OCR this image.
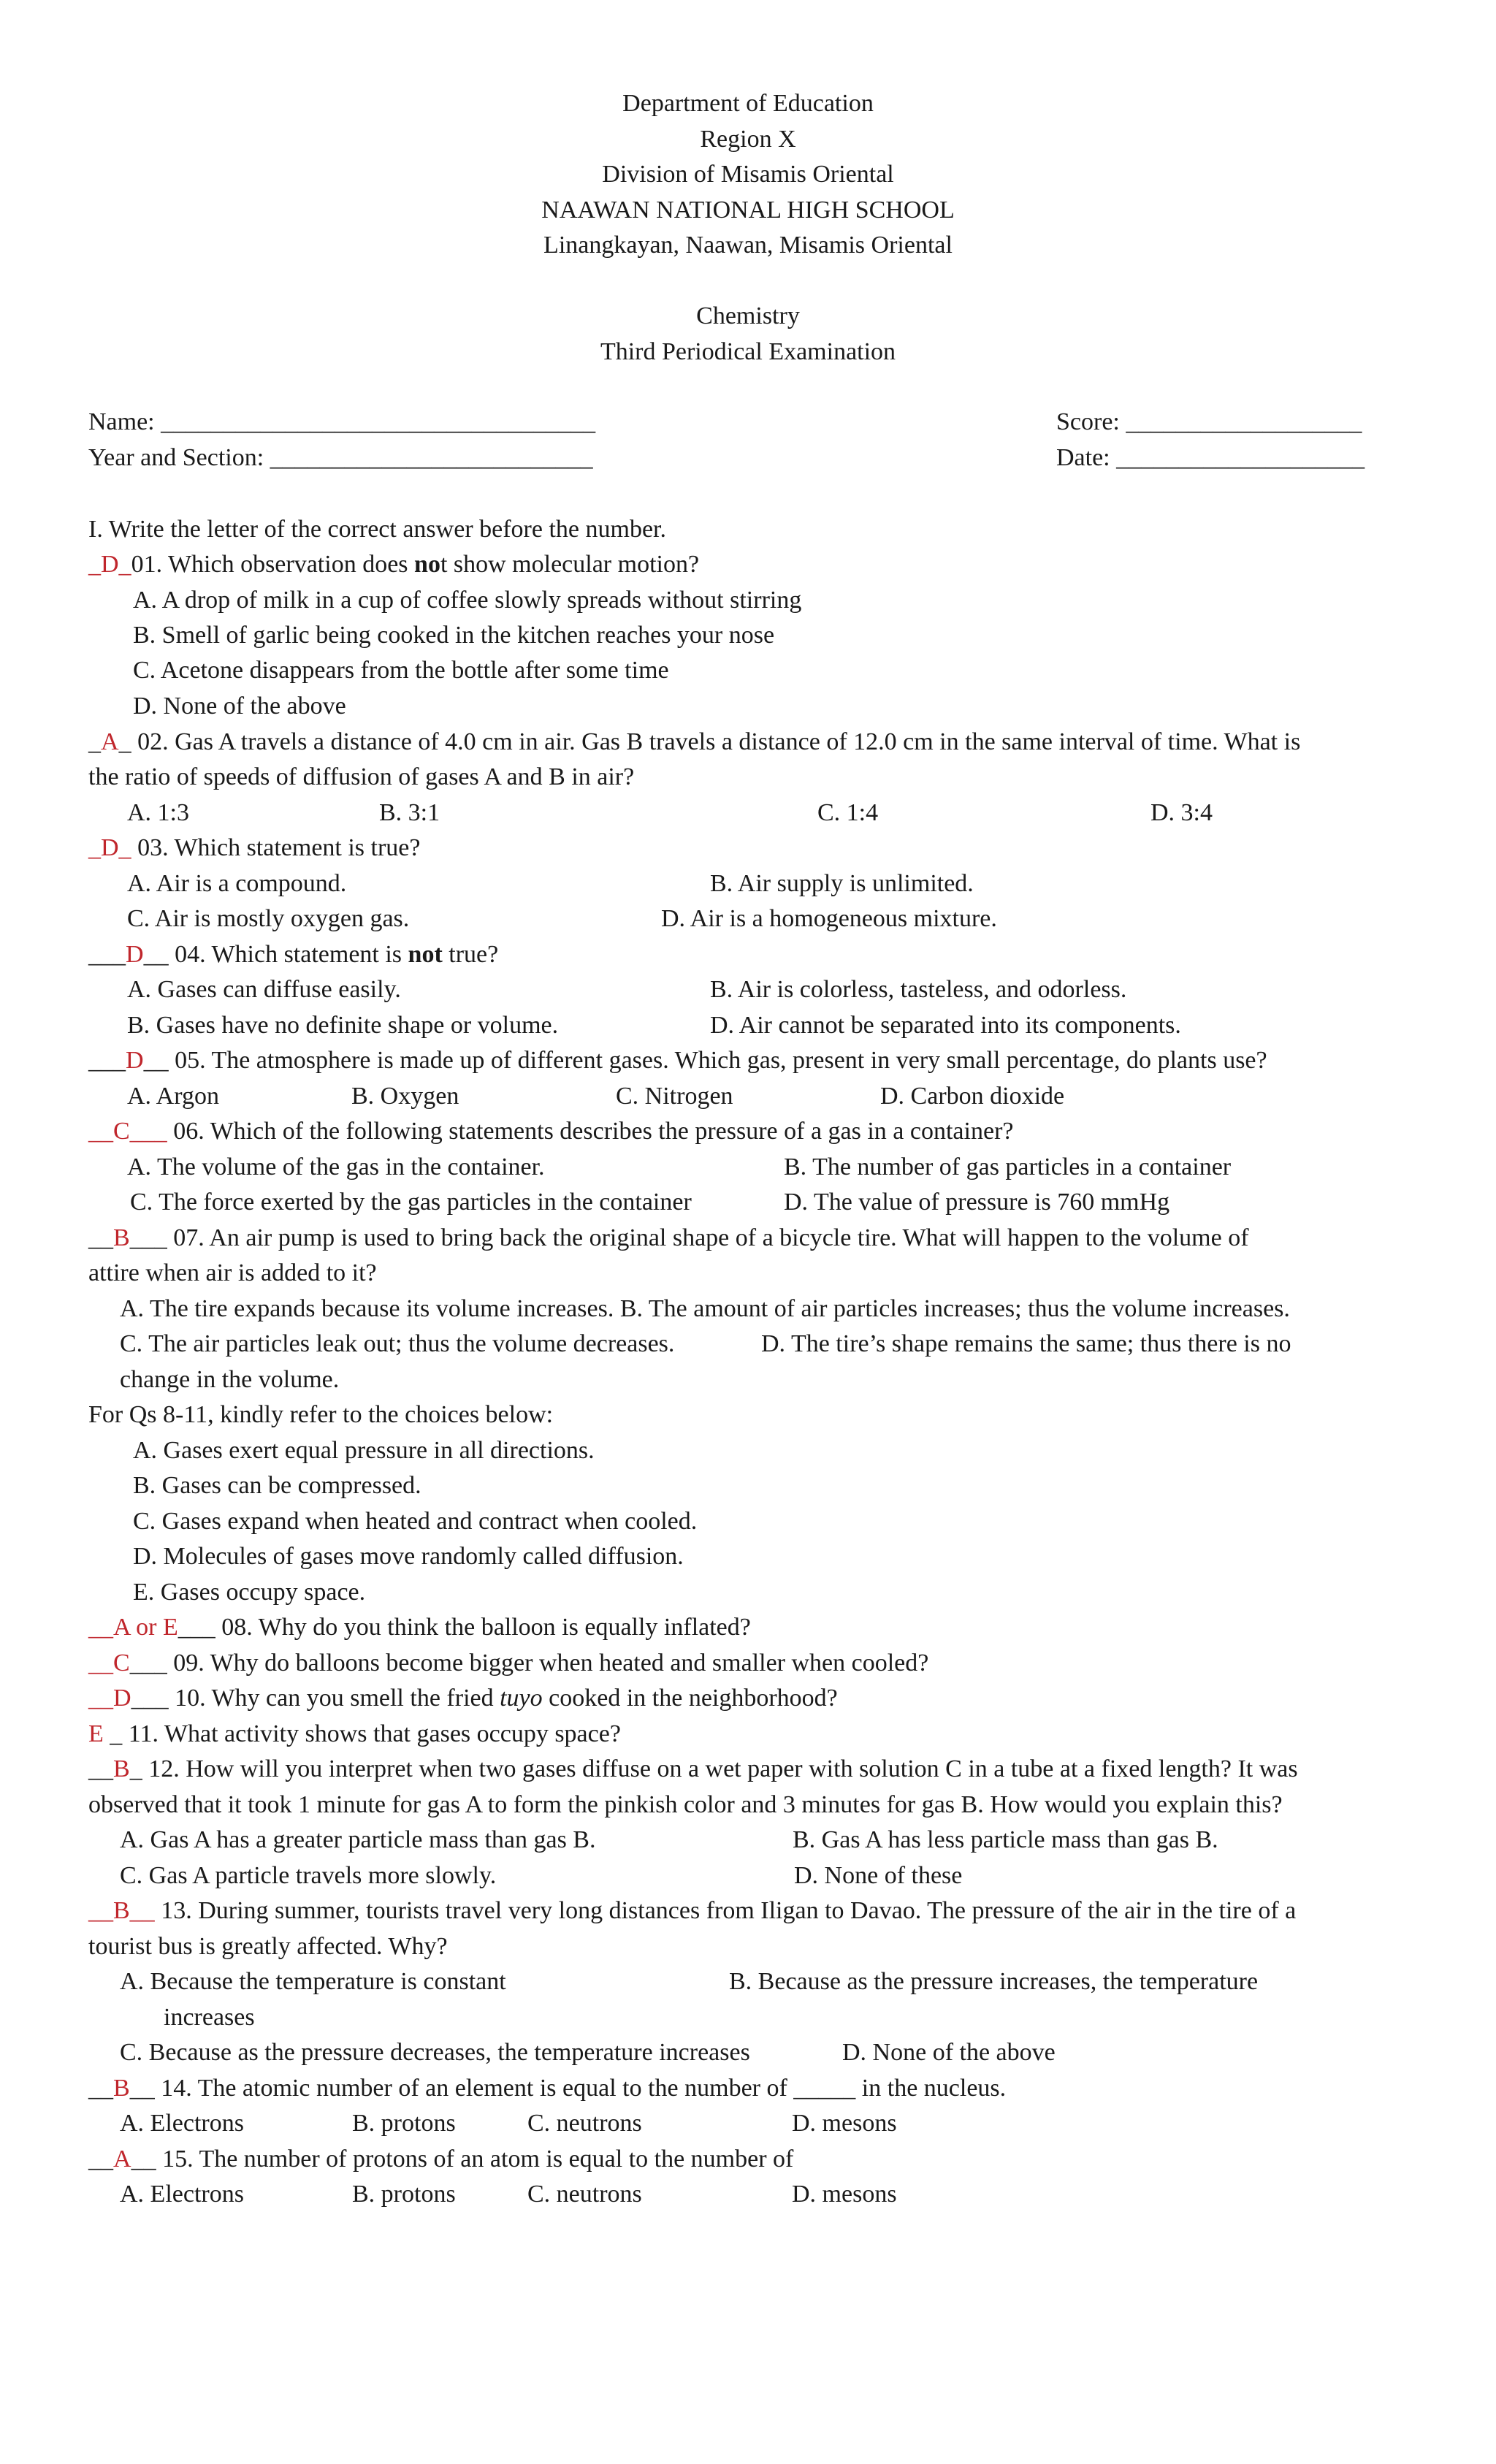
Department of Education
Region X
Division of Misamis Oriental
NAAWAN NATIONAL HIGH SCHOOL
Linangkayan, Naawan, Misamis Oriental
Chemistry
Third Periodical Examination
Name: ___________________________________	Score: ___________________
Year and Section: __________________________	Date: ____________________
I. Write the letter of the correct answer before the number.
_D_01. Which observation does not show molecular motion?
A. A drop of milk in a cup of coffee slowly spreads without stirring
B. Smell of garlic being cooked in the kitchen reaches your nose
C. Acetone disappears from the bottle after some time
D. None of the above
_A_ 02. Gas A travels a distance of 4.0 cm in air. Gas B travels a distance of 12.0 cm in the same interval of time. What is
the ratio of speeds of diffusion of gases A and B in air?
A. 1:3	B. 3:1	C. 1:4	D. 3:4
_D_ 03. Which statement is true?
A. Air is a compound.	B. Air supply is unlimited.
C. Air is mostly oxygen gas.	D. Air is a homogeneous mixture.
___D__ 04. Which statement is not true?
A. Gases can diffuse easily.	B. Air is colorless, tasteless, and odorless.
B. Gases have no definite shape or volume.	D. Air cannot be separated into its components.
___D__ 05. The atmosphere is made up of different gases. Which gas, present in very small percentage, do plants use?
A. Argon	B. Oxygen	C. Nitrogen	D. Carbon dioxide
__C___ 06. Which of the following statements describes the pressure of a gas in a container?
A. The volume of the gas in the container.	B. The number of gas particles in a container
C. The force exerted by the gas particles in the container	D. The value of pressure is 760 mmHg
__B___ 07. An air pump is used to bring back the original shape of a bicycle tire. What will happen to the volume of
attire when air is added to it?
A. The tire expands because its volume increases. B. The amount of air particles increases; thus the volume increases.
C. The air particles leak out; thus the volume decreases.	D. The tire’s shape remains the same; thus there is no
change in the volume.
For Qs 8-11, kindly refer to the choices below:
A. Gases exert equal pressure in all directions.
B. Gases can be compressed.
C. Gases expand when heated and contract when cooled.
D. Molecules of gases move randomly called diffusion.
E. Gases occupy space.
__A or E___ 08. Why do you think the balloon is equally inflated?
__C___ 09. Why do balloons become bigger when heated and smaller when cooled?
__D___ 10. Why can you smell the fried tuyo cooked in the neighborhood?
E _ 11. What activity shows that gases occupy space?
__B_ 12. How will you interpret when two gases diffuse on a wet paper with solution C in a tube at a fixed length? It was
observed that it took 1 minute for gas A to form the pinkish color and 3 minutes for gas B. How would you explain this?
A. Gas A has a greater particle mass than gas B.	B. Gas A has less particle mass than gas B.
C. Gas A particle travels more slowly.	D. None of these
__B__ 13. During summer, tourists travel very long distances from Iligan to Davao. The pressure of the air in the tire of a
tourist bus is greatly affected. Why?
A. Because the temperature is constant	B. Because as the pressure increases, the temperature
increases
C. Because as the pressure decreases, the temperature increases	D. None of the above
__B__ 14. The atomic number of an element is equal to the number of _____ in the nucleus.
A. Electrons	B. protons	C. neutrons	D. mesons
__A__ 15. The number of protons of an atom is equal to the number of
A. Electrons	B. protons	C. neutrons	D. mesons
